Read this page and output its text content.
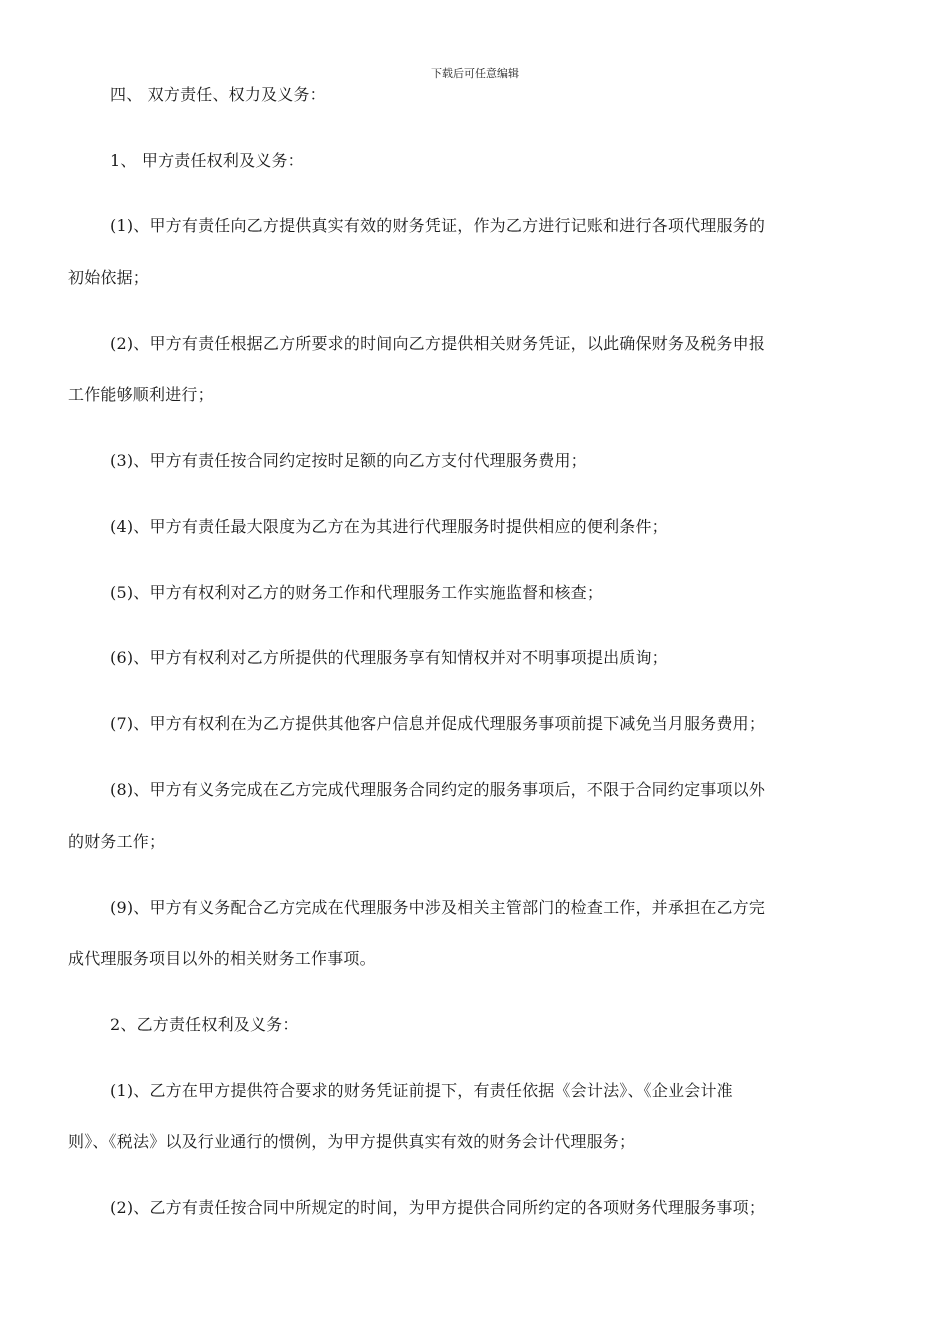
下载后可任意编辑
四、 双方责任、权力及义务：
1、 甲方责任权利及义务：
(1)、甲方有责任向乙方提供真实有效的财务凭证，作为乙方进行记账和进行各项代理服务的
初始依据；
(2)、甲方有责任根据乙方所要求的时间向乙方提供相关财务凭证，以此确保财务及税务申报
工作能够顺利进行；
(3)、甲方有责任按合同约定按时足额的向乙方支付代理服务费用；
(4)、甲方有责任最大限度为乙方在为其进行代理服务时提供相应的便利条件；
(5)、甲方有权利对乙方的财务工作和代理服务工作实施监督和核查；
(6)、甲方有权利对乙方所提供的代理服务享有知情权并对不明事项提出质询；
(7)、甲方有权利在为乙方提供其他客户信息并促成代理服务事项前提下减免当月服务费用；
(8)、甲方有义务完成在乙方完成代理服务合同约定的服务事项后，不限于合同约定事项以外
的财务工作；
(9)、甲方有义务配合乙方完成在代理服务中涉及相关主管部门的检查工作，并承担在乙方完
成代理服务项目以外的相关财务工作事项。
2、乙方责任权利及义务：
(1)、乙方在甲方提供符合要求的财务凭证前提下，有责任依据《会计法》、《企业会计准
则》、《税法》以及行业通行的惯例，为甲方提供真实有效的财务会计代理服务；
(2)、乙方有责任按合同中所规定的时间，为甲方提供合同所约定的各项财务代理服务事项；
